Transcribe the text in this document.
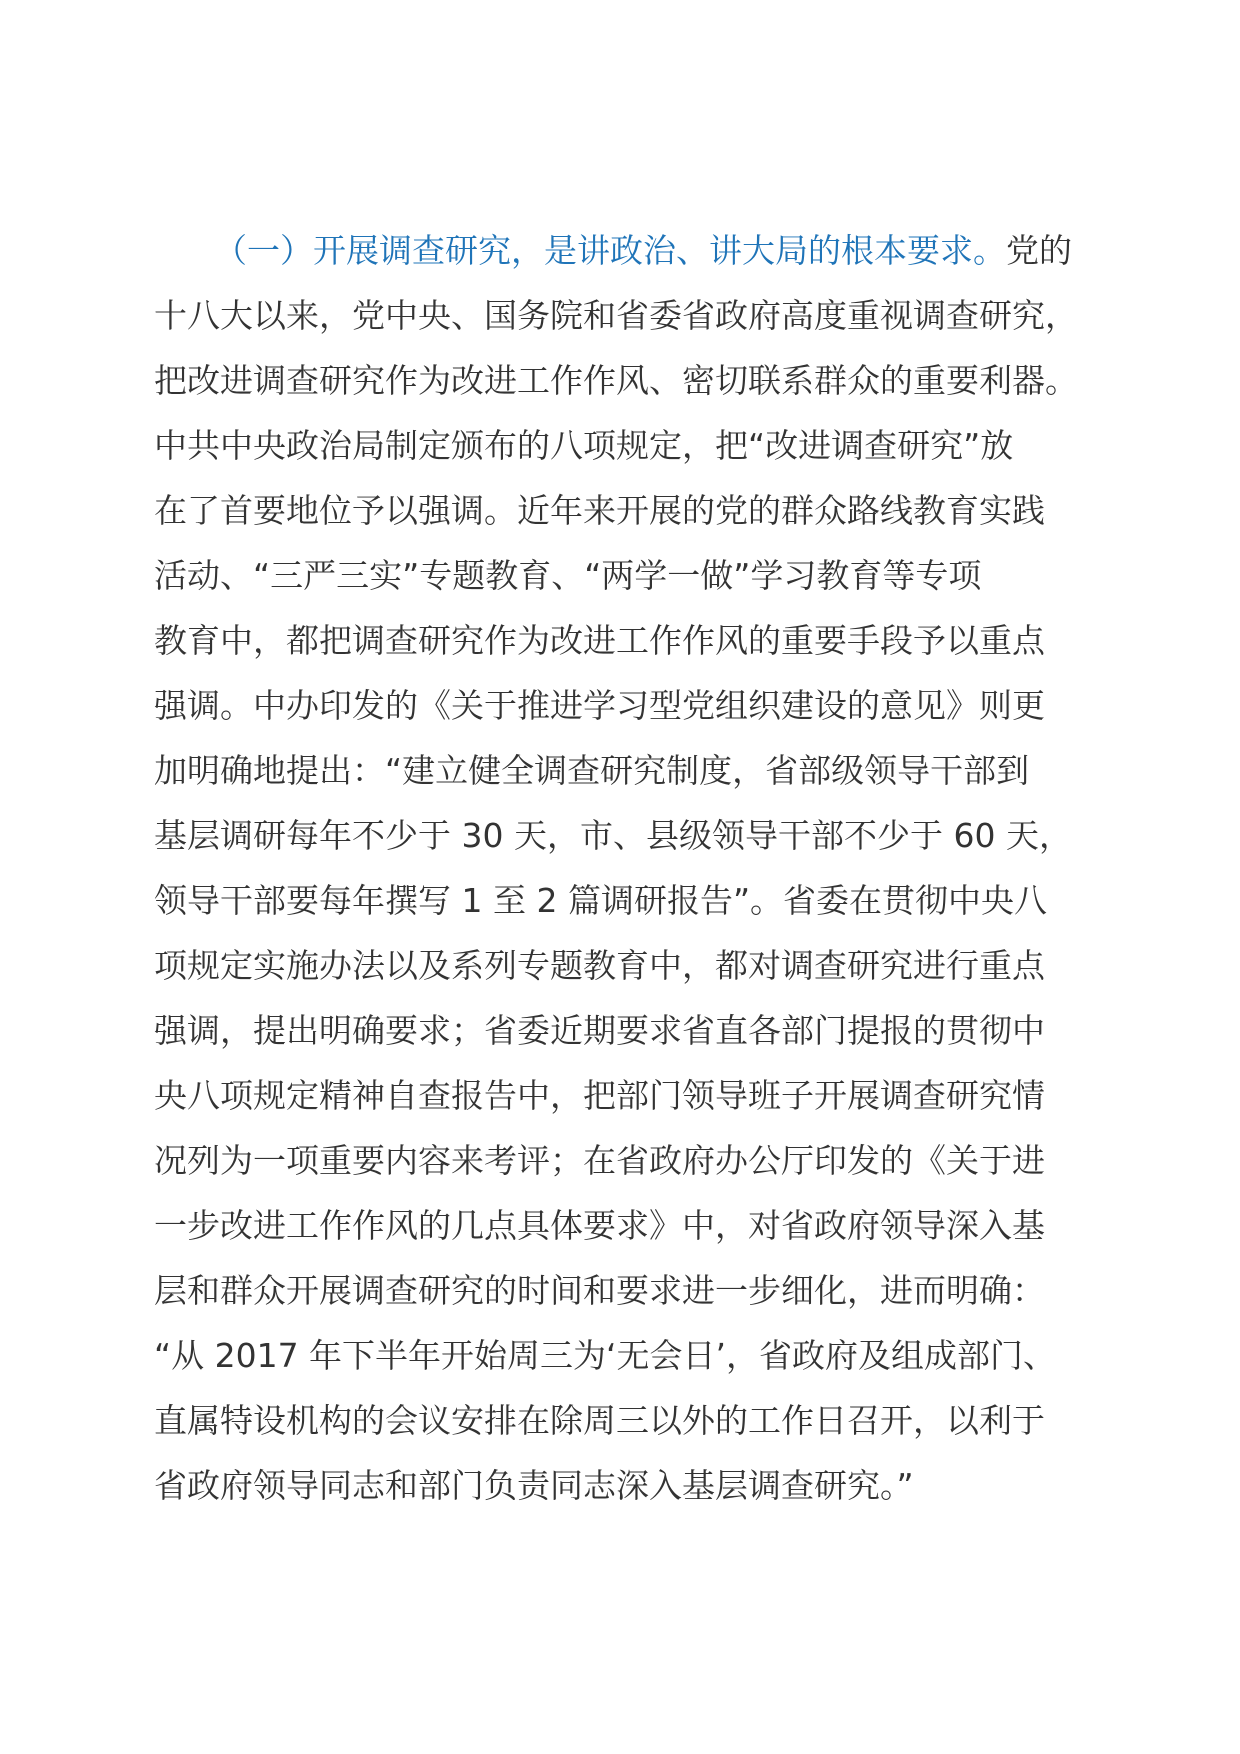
（一）开展调查研究，是讲政治、讲大局的根本要求。党的
十八大以来，党中央、国务院和省委省政府高度重视调查研究，
把改进调查研究作为改进工作作风、密切联系群众的重要利器。
中共中央政治局制定颁布的八项规定，把“改进调查研究”放
在了首要地位予以强调。近年来开展的党的群众路线教育实践
活动、“三严三实”专题教育、“两学一做”学习教育等专项
教育中，都把调查研究作为改进工作作风的重要手段予以重点
强调。中办印发的《关于推进学习型党组织建设的意见》则更
加明确地提出：“建立健全调查研究制度，省部级领导干部到
基层调研每年不少于 30 天，市、县级领导干部不少于 60 天，
领导干部要每年撰写 1 至 2 篇调研报告”。省委在贯彻中央八
项规定实施办法以及系列专题教育中，都对调查研究进行重点
强调，提出明确要求；省委近期要求省直各部门提报的贯彻中
央八项规定精神自查报告中，把部门领导班子开展调查研究情
况列为一项重要内容来考评；在省政府办公厅印发的《关于进
一步改进工作作风的几点具体要求》中，对省政府领导深入基
层和群众开展调查研究的时间和要求进一步细化，进而明确：
“从 2017 年下半年开始周三为‘无会日’，省政府及组成部门、
直属特设机构的会议安排在除周三以外的工作日召开，以利于
省政府领导同志和部门负责同志深入基层调查研究。”
